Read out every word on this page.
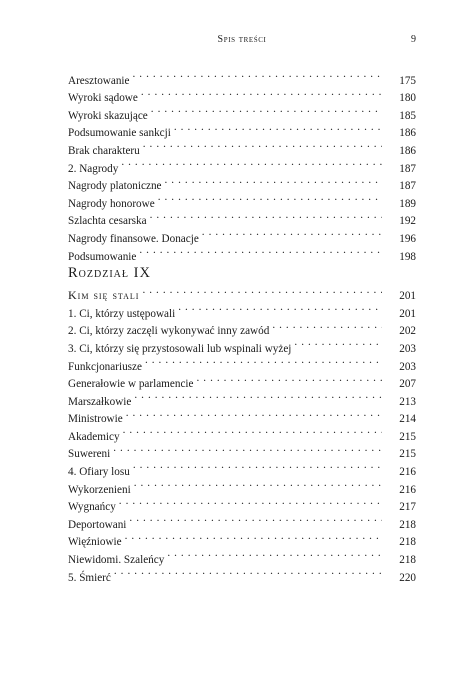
Spis treści	9
Aresztowanie . . .	175
Wyroki sądowe . . .	180
Wyroki skazujące . . .	185
Podsumowanie sankcji . . .	186
Brak charakteru . . .	186
2. Nagrody . . .	187
Nagrody platoniczne . . .	187
Nagrody honorowe . . .	189
Szlachta cesarska . . .	192
Nagrody finansowe. Donacje . . .	196
Podsumowanie . . .	198
Rozdział IX
Kim się stali . . .	201
1. Ci, którzy ustępowali . . .	201
2. Ci, którzy zaczęli wykonywać inny zawód . . .	202
3. Ci, którzy się przystosowali lub wspinali wyżej . . .	203
Funkcjonariusze . . .	203
Generałowie w parlamencie . . .	207
Marszałkowie . . .	213
Ministrowie . . .	214
Akademicy . . .	215
Suwereni . . .	215
4. Ofiary losu . . .	216
Wykorzenieni . . .	216
Wygnańcy . . .	217
Deportowani . . .	218
Więźniowie . . .	218
Niewidomi. Szaleńcy . . .	218
5. Śmierć . . .	220
